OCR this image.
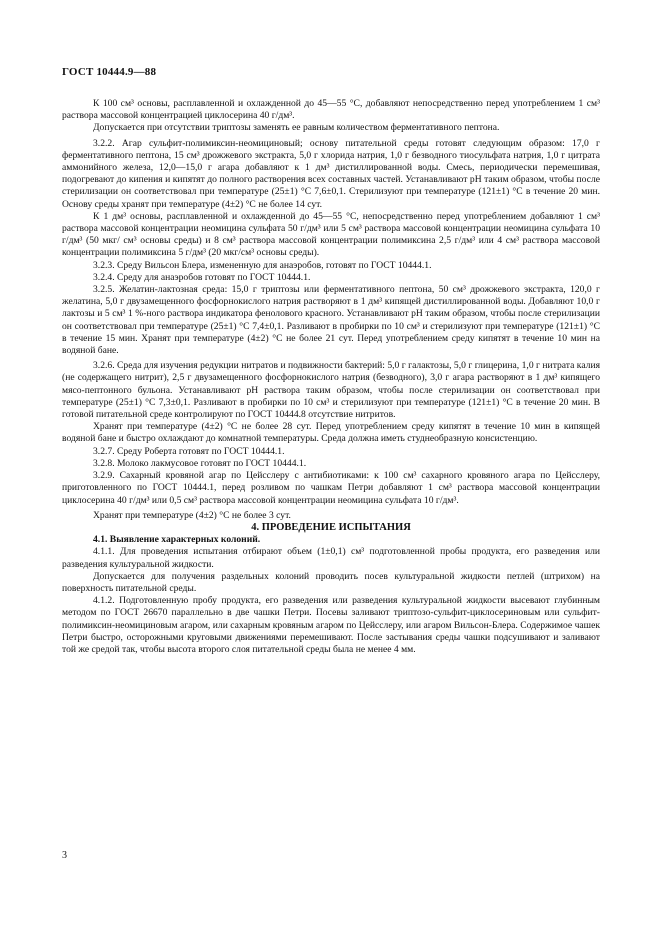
ГОСТ 10444.9—88

К 100 см³ основы, расплавленной и охлажденной до 45—55 °С, добавляют непосредственно перед употреблением 1 см³ раствора массовой концентрацией циклосерина 40 г/дм³.

Допускается при отсутствии триптозы заменять ее равным количеством ферментативного пептона.

3.2.2. Агар сульфит-полимиксин-неомициновый; основу питательной среды готовят следующим образом: 17,0 г ферментативного пептона, 15 см³ дрожжевого экстракта, 5,0 г хлорида натрия, 1,0 г безводного тиосульфата натрия, 1,0 г цитрата аммонийного железа, 12,0—15,0 г агара добавляют к 1 дм³ дистиллированной воды. Смесь, периодически перемешивая, подогревают до кипения и кипятят до полного растворения всех составных частей. Устанавливают рН таким образом, чтобы после стерилизации он соответствовал при температуре (25±1) °С 7,6±0,1. Стерилизуют при температуре (121±1) °С в течение 20 мин. Основу среды хранят при температуре (4±2) °С не более 14 сут.

К 1 дм³ основы, расплавленной и охлажденной до 45—55 °С, непосредственно перед употреблением добавляют 1 см³ раствора массовой концентрации неомицина сульфата 50 г/дм³ или 5 см³ раствора массовой концентрации неомицина сульфата 10 г/дм³ (50 мкг/ см³ основы среды) и 8 см³ раствора массовой концентрации полимиксина 2,5 г/дм³ или 4 см³ раствора массовой концентрации полимиксина 5 г/дм³ (20 мкг/см³ основы среды).

3.2.3. Среду Вильсон Блера, измененную для анаэробов, готовят по ГОСТ 10444.1.

3.2.4. Среду для анаэробов готовят по ГОСТ 10444.1.

3.2.5. Желатин-лактозная среда: 15,0 г триптозы или ферментативного пептона, 50 см³ дрожжевого экстракта, 120,0 г желатина, 5,0 г двузамещенного фосфорнокислого натрия растворяют в 1 дм³ кипящей дистиллированной воды. Добавляют 10,0 г лактозы и 5 см³ 1 %-ного раствора индикатора фенолового красного. Устанавливают рН таким образом, чтобы после стерилизации он соответствовал при температуре (25±1) °С 7,4±0,1. Разливают в пробирки по 10 см³ и стерилизуют при температуре (121±1) °С в течение 15 мин. Хранят при температуре (4±2) °С не более 21 сут. Перед употреблением среду кипятят в течение 10 мин на водяной бане.

3.2.6. Среда для изучения редукции нитратов и подвижности бактерий: 5,0 г галактозы, 5,0 г глицерина, 1,0 г нитрата калия (не содержащего нитрит), 2,5 г двузамещенного фосфорнокислого натрия (безводного), 3,0 г агара растворяют в 1 дм³ кипящего мясо-пептонного бульона. Устанавливают рН раствора таким образом, чтобы после стерилизации он соответствовал при температуре (25±1) °С 7,3±0,1. Разливают в пробирки по 10 см³ и стерилизуют при температуре (121±1) °С в течение 20 мин. В готовой питательной среде контролируют по ГОСТ 10444.8 отсутствие нитритов.

Хранят при температуре (4±2) °С не более 28 сут. Перед употреблением среду кипятят в течение 10 мин в кипящей водяной бане и быстро охлаждают до комнатной температуры. Среда должна иметь студнеобразную консистенцию.

3.2.7. Среду Роберта готовят по ГОСТ 10444.1.

3.2.8. Молоко лакмусовое готовят по ГОСТ 10444.1.

3.2.9. Сахарный кровяной агар по Цейсслеру с антибиотиками: к 100 см³ сахарного кровяного агара по Цейсслеру, приготовленного по ГОСТ 10444.1, перед розливом по чашкам Петри добавляют 1 см³ раствора массовой концентрации циклосерина 40 г/дм³ или 0,5 см³ раствора массовой концентрации неомицина сульфата 10 г/дм³.

Хранят при температуре (4±2) °С не более 3 сут.

4. ПРОВЕДЕНИЕ ИСПЫТАНИЯ

4.1. Выявление характерных колоний.

4.1.1. Для проведения испытания отбирают объем (1±0,1) см³ подготовленной пробы продукта, его разведения или разведения культуральной жидкости.

Допускается для получения раздельных колоний проводить посев культуральной жидкости петлей (штрихом) на поверхность питательной среды.

4.1.2. Подготовленную пробу продукта, его разведения или разведения культуральной жидкости высевают глубинным методом по ГОСТ 26670 параллельно в две чашки Петри. Посевы заливают триптозо-сульфит-циклосериновым или сульфит-полимиксин-неомициновым агаром, или сахарным кровяным агаром по Цейсслеру, или агаром Вильсон-Блера. Содержимое чашек Петри быстро, осторожными круговыми движениями перемешивают. После застывания среды чашки подсушивают и заливают той же средой так, чтобы высота второго слоя питательной среды была не менее 4 мм.

3
